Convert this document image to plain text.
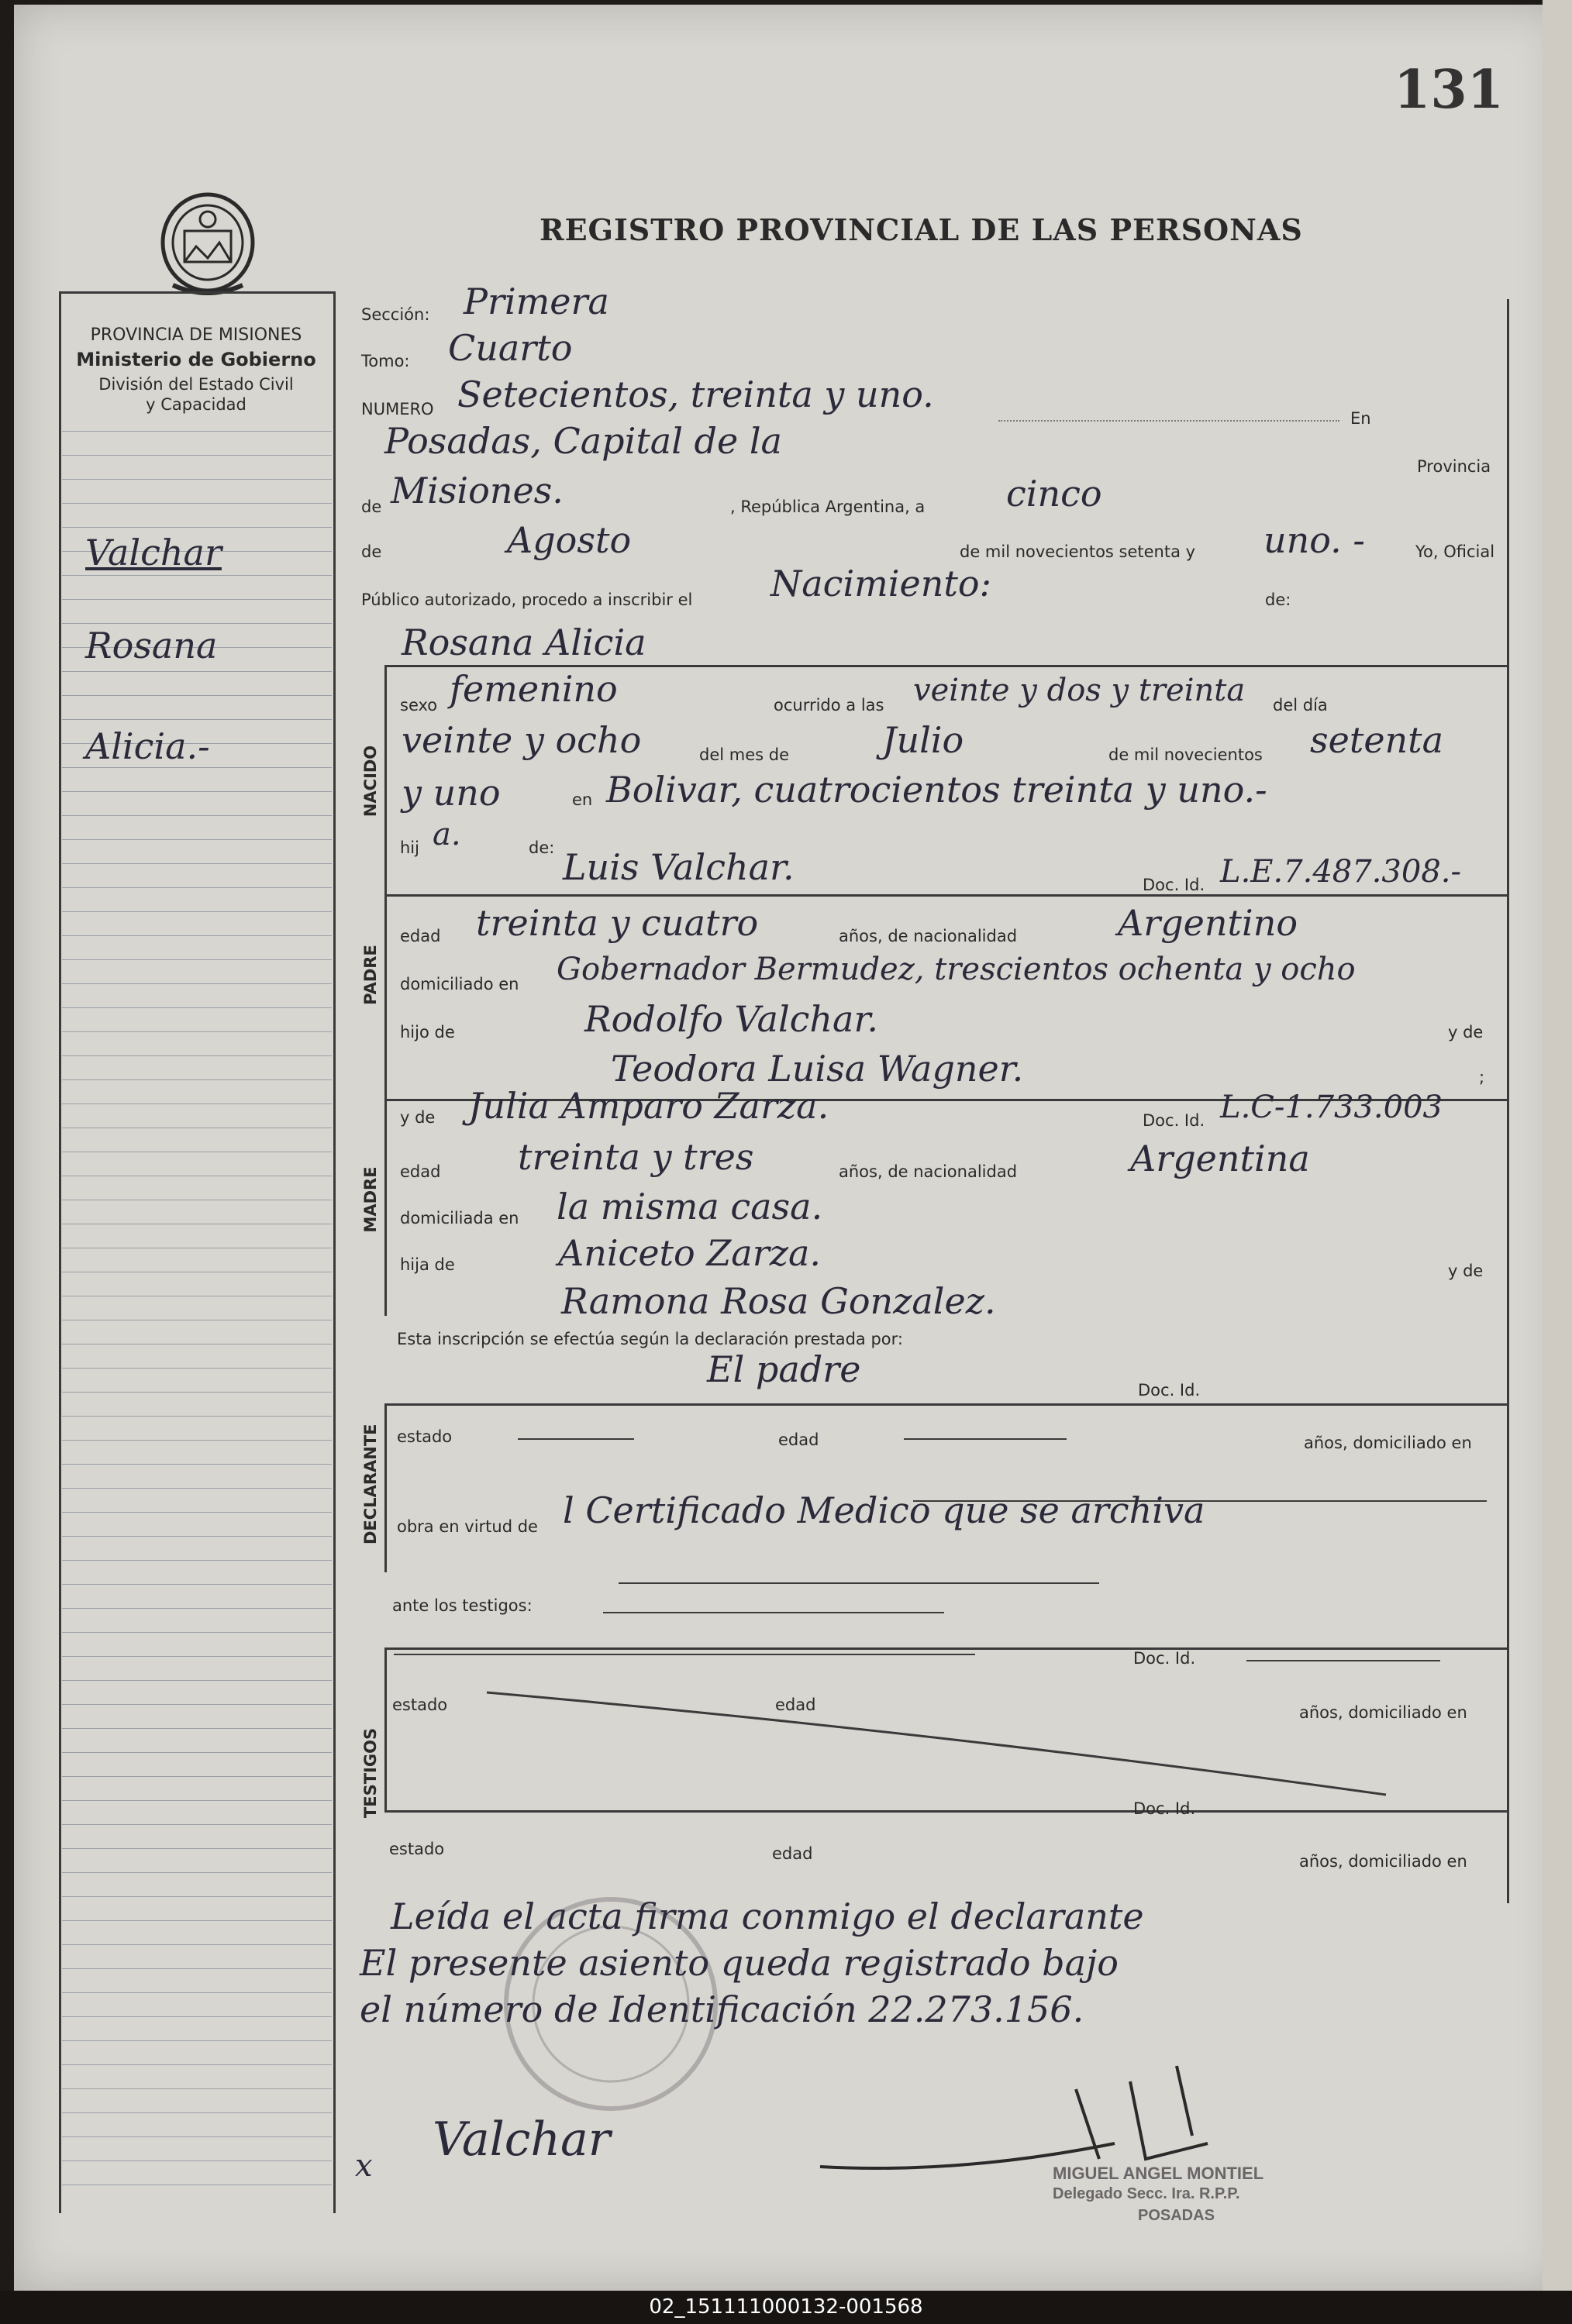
131
REGISTRO PROVINCIAL DE LAS PERSONAS
PROVINCIA DE MISIONES
Ministerio de Gobierno
División del Estado Civil
y Capacidad
Valchar
Rosana
Alicia.-	NACIDO
PADRE
MADRE
DECLARANTE
TESTIGOS
Sección: Primera
Tomo: Cuarto
NUMERO Setecientos, treinta y uno.
En
Posadas, Capital de la
Provincia
de Misiones.	, República Argentina, a cinco
de	Agosto	de mil novecientos setenta y uno. -	Yo, Oficial
Público autorizado, procedo a inscribir el Nacimiento:	de:
Rosana Alicia
sexo femenino	ocurrido a las veinte y dos y treinta del día
veinte y ocho	del mes de	Julio	de mil novecientos setenta
y uno	en Bolivar, cuatrocientos treinta y uno.-
hij a.	de: Luis Valchar.	Doc. Id. L.E.7.487.308.-
edad treinta y cuatro	años, de nacionalidad	Argentino
domiciliado en Gobernador Bermudez, trescientos ochenta y ocho
hijo de	Rodolfo Valchar.	y de
Teodora Luisa Wagner.	;
y de Julia Amparo Zarza.	Doc. Id. L.C-1.733.003
edad treinta y tres	años, de nacionalidad	Argentina
domiciliada en la misma casa.
hija de	Aniceto Zarza.	y de
Ramona Rosa Gonzalez.
Esta inscripción se efectúa según la declaración prestada por:
El padre	Doc. Id.
estado	edad	años, domiciliado en
obra en virtud de l Certificado Medico que se archiva
ante los testigos:
Doc. Id.
estado	edad	años, domiciliado en
Doc. Id.
estado	edad	años, domiciliado en
Leída el acta firma conmigo el declarante
El presente asiento queda registrado bajo
el número de Identificación 22.273.156.
x Valchar
MIGUEL ANGEL MONTIEL
Delegado Secc. Ira. R.P.P.
POSADAS
02_151111000132-001568
